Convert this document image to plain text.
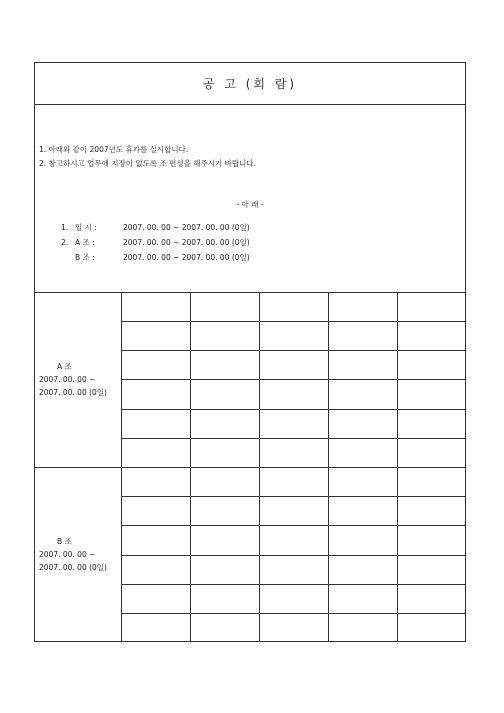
공 고 (회 람)
1. 아래와 같이 2007년도 휴가를 실시합니다.
2. 참고하시고 업무에 지장이 없도록 조 편성을 해주시기 바랍니다.
- 아 래 -
1. 일 시 :	2007. 00. 00 ~ 2007. 00. 00 (0일)
2. A 조 :	2007. 00. 00 ~ 2007. 00. 00 (0일)
B 조 :	2007. 00. 00 ~ 2007. 00. 00 (0일)
A 조
2007. 00. 00 ~
2007. 00. 00 (0일)					

B 조
2007. 00. 00 ~
2007. 00. 00 (0일)					
